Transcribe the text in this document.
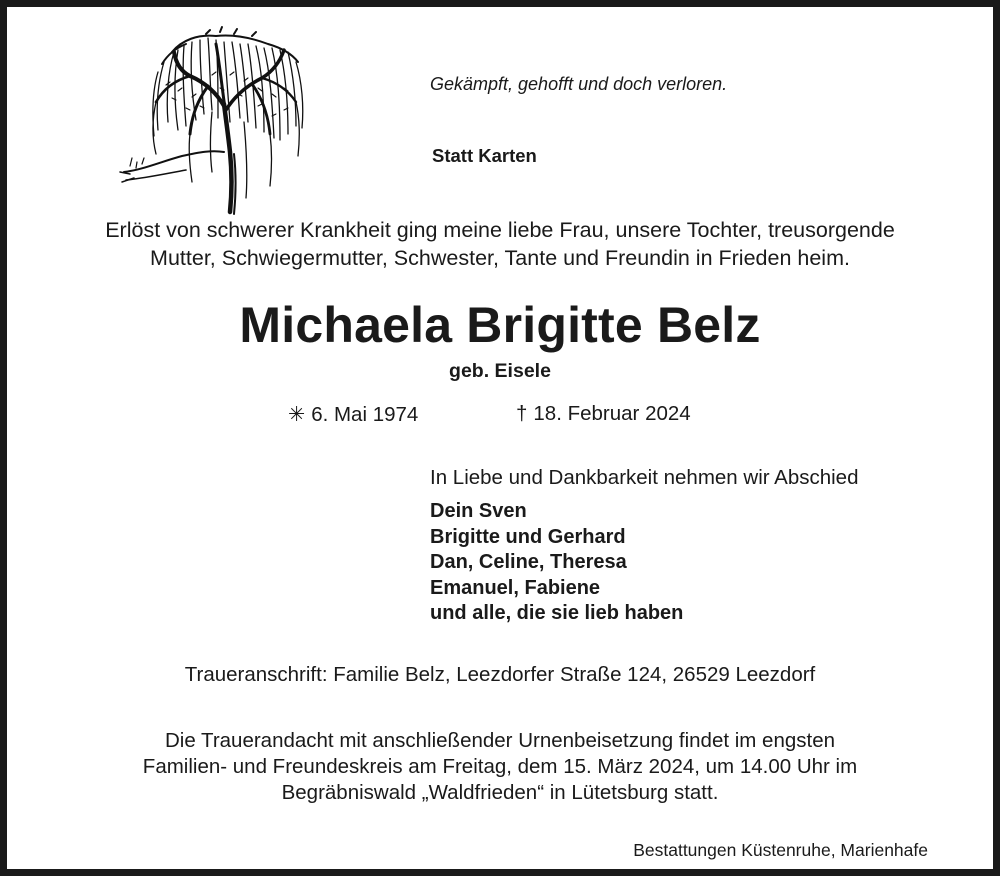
Gekämpft, gehofft und doch verloren.
Statt Karten
Erlöst von schwerer Krankheit ging meine liebe Frau, unsere Tochter, treusorgende
Mutter, Schwiegermutter, Schwester, Tante und Freundin in Frieden heim.
Michaela Brigitte Belz
geb. Eisele
✳ 6. Mai 1974	† 18. Februar 2024
In Liebe und Dankbarkeit nehmen wir Abschied
Dein Sven
Brigitte und Gerhard
Dan, Celine, Theresa
Emanuel, Fabiene
und alle, die sie lieb haben
Traueranschrift: Familie Belz, Leezdorfer Straße 124, 26529 Leezdorf
Die Trauerandacht mit anschließender Urnenbeisetzung findet im engsten
Familien- und Freundeskreis am Freitag, dem 15. März 2024, um 14.00 Uhr im
Begräbniswald „Waldfrieden“ in Lütetsburg statt.
Bestattungen Küstenruhe, Marienhafe
